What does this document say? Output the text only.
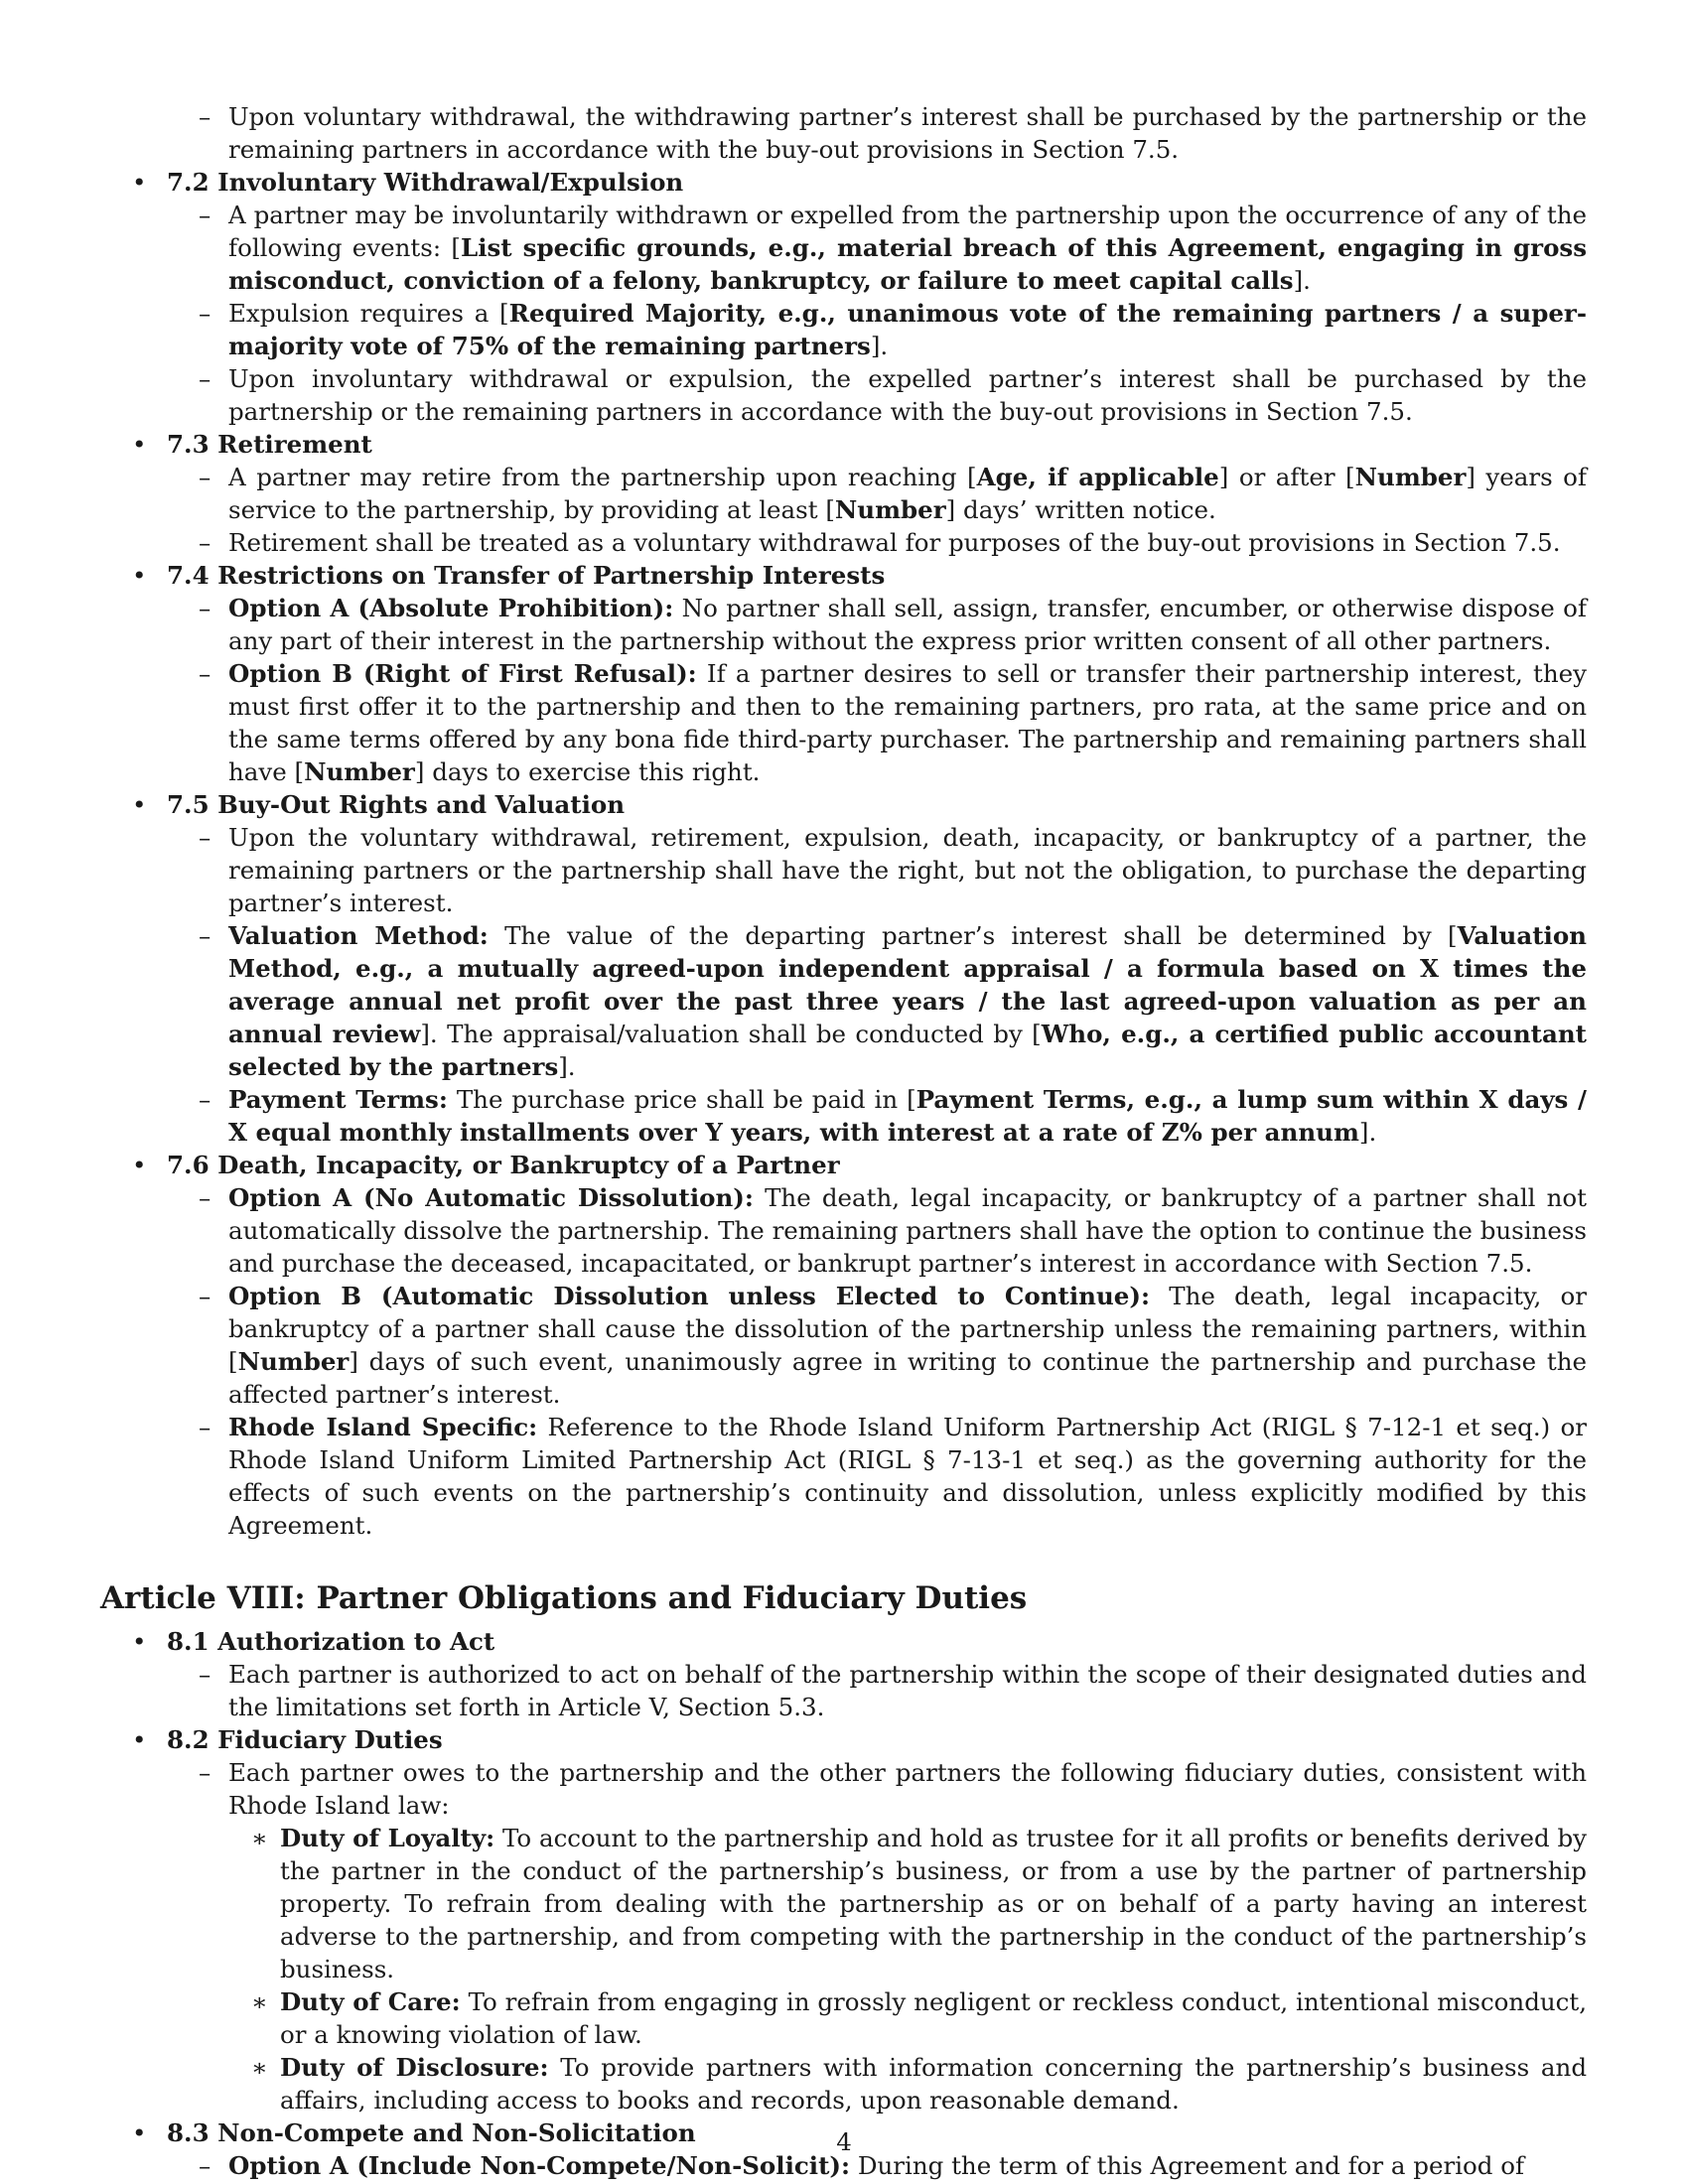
– Upon voluntary withdrawal, the withdrawing partner’s interest shall be purchased by the partnership or the remaining partners in accordance with the buy-out provisions in Section 7.5.
• 7.2 Involuntary Withdrawal/Expulsion
– A partner may be involuntarily withdrawn or expelled from the partnership upon the occurrence of any of the following events: [List specific grounds, e.g., material breach of this Agreement, engaging in gross misconduct, conviction of a felony, bankruptcy, or failure to meet capital calls].
– Expulsion requires a [Required Majority, e.g., unanimous vote of the remaining partners / a super-majority vote of 75% of the remaining partners].
– Upon involuntary withdrawal or expulsion, the expelled partner’s interest shall be purchased by the partnership or the remaining partners in accordance with the buy-out provisions in Section 7.5.
• 7.3 Retirement
– A partner may retire from the partnership upon reaching [Age, if applicable] or after [Number] years of service to the partnership, by providing at least [Number] days’ written notice.
– Retirement shall be treated as a voluntary withdrawal for purposes of the buy-out provisions in Section 7.5.
• 7.4 Restrictions on Transfer of Partnership Interests
– Option A (Absolute Prohibition): No partner shall sell, assign, transfer, encumber, or otherwise dispose of any part of their interest in the partnership without the express prior written consent of all other partners.
– Option B (Right of First Refusal): If a partner desires to sell or transfer their partnership interest, they must first offer it to the partnership and then to the remaining partners, pro rata, at the same price and on the same terms offered by any bona fide third-party purchaser. The partnership and remaining partners shall have [Number] days to exercise this right.
• 7.5 Buy-Out Rights and Valuation
– Upon the voluntary withdrawal, retirement, expulsion, death, incapacity, or bankruptcy of a partner, the remaining partners or the partnership shall have the right, but not the obligation, to purchase the departing partner’s interest.
– Valuation Method: The value of the departing partner’s interest shall be determined by [Valuation Method, e.g., a mutually agreed-upon independent appraisal / a formula based on X times the average annual net profit over the past three years / the last agreed-upon valuation as per an annual review]. The appraisal/valuation shall be conducted by [Who, e.g., a certified public accountant selected by the partners].
– Payment Terms: The purchase price shall be paid in [Payment Terms, e.g., a lump sum within X days / X equal monthly installments over Y years, with interest at a rate of Z% per annum].
• 7.6 Death, Incapacity, or Bankruptcy of a Partner
– Option A (No Automatic Dissolution): The death, legal incapacity, or bankruptcy of a partner shall not automatically dissolve the partnership. The remaining partners shall have the option to continue the business and purchase the deceased, incapacitated, or bankrupt partner’s interest in accordance with Section 7.5.
– Option B (Automatic Dissolution unless Elected to Continue): The death, legal incapacity, or bankruptcy of a partner shall cause the dissolution of the partnership unless the remaining partners, within [Number] days of such event, unanimously agree in writing to continue the partnership and purchase the affected partner’s interest.
– Rhode Island Specific: Reference to the Rhode Island Uniform Partnership Act (RIGL § 7-12-1 et seq.) or Rhode Island Uniform Limited Partnership Act (RIGL § 7-13-1 et seq.) as the governing authority for the effects of such events on the partnership’s continuity and dissolution, unless explicitly modified by this Agreement.
Article VIII: Partner Obligations and Fiduciary Duties
• 8.1 Authorization to Act
– Each partner is authorized to act on behalf of the partnership within the scope of their designated duties and the limitations set forth in Article V, Section 5.3.
• 8.2 Fiduciary Duties
– Each partner owes to the partnership and the other partners the following fiduciary duties, consistent with Rhode Island law:
∗ Duty of Loyalty: To account to the partnership and hold as trustee for it all profits or benefits derived by the partner in the conduct of the partnership’s business, or from a use by the partner of partnership property. To refrain from dealing with the partnership as or on behalf of a party having an interest adverse to the partnership, and from competing with the partnership in the conduct of the partnership’s business.
∗ Duty of Care: To refrain from engaging in grossly negligent or reckless conduct, intentional misconduct, or a knowing violation of law.
∗ Duty of Disclosure: To provide partners with information concerning the partnership’s business and affairs, including access to books and records, upon reasonable demand.
• 8.3 Non-Compete and Non-Solicitation
– Option A (Include Non-Compete/Non-Solicit): During the term of this Agreement and for a period of
4
